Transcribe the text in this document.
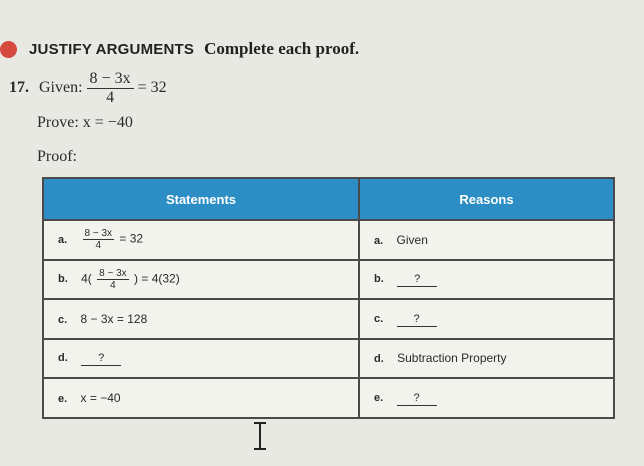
JUSTIFY ARGUMENTS Complete each proof.
17. Given: $\frac{8 - 3x}{4} = 32$
Prove: x = −40
Proof:
Statements	Reasons
a. $\frac{8 - 3x}{4} = 32$	a. Given
b. $4( \frac{8 - 3x}{4}$ ) = 4(32)	b. ?
c. 8 − 3x = 128	c. ?
d. ?	d. Subtraction Property
e. x = −40	e. ?
